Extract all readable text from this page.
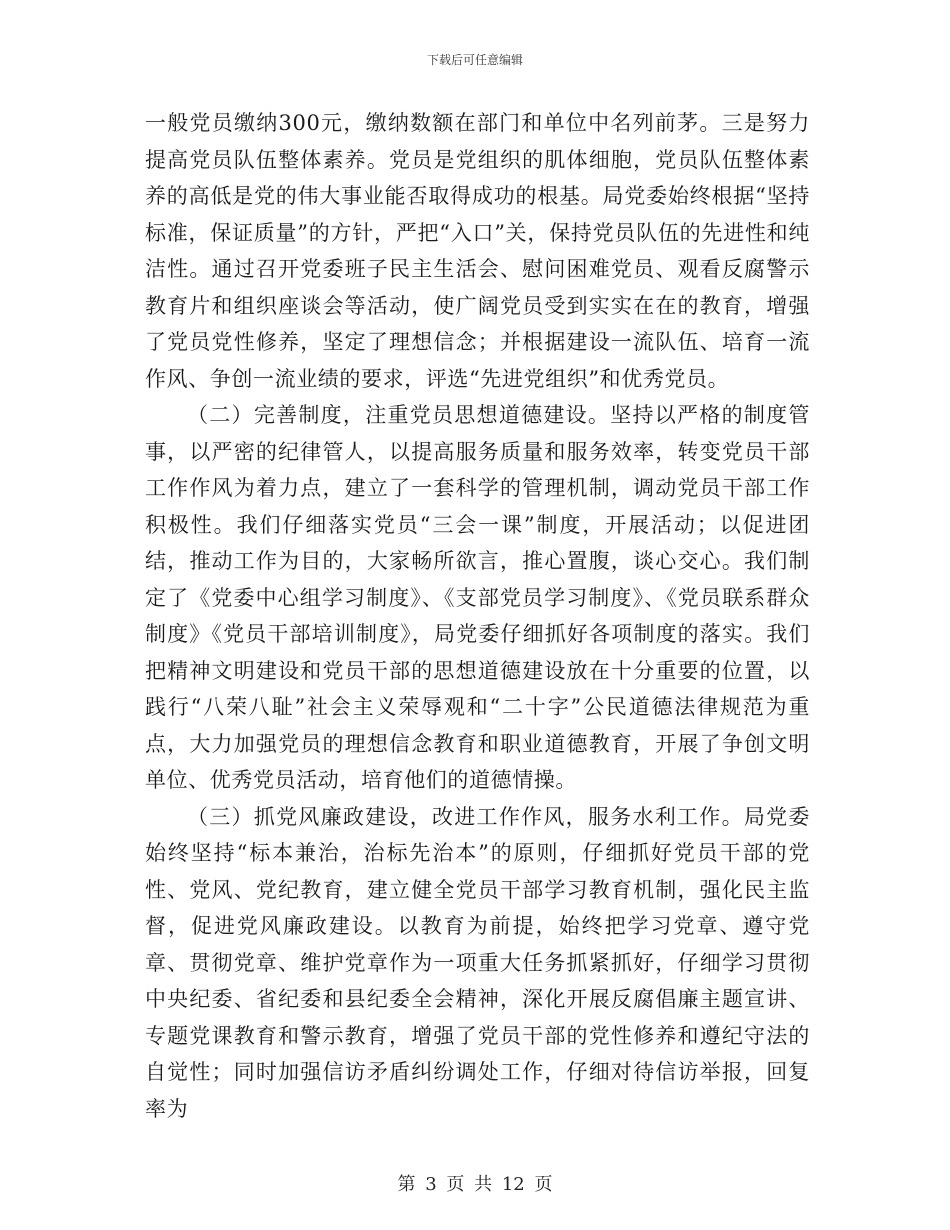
下载后可任意编辑

一般党员缴纳300元，缴纳数额在部门和单位中名列前茅。三是努力提高党员队伍整体素养。党员是党组织的肌体细胞，党员队伍整体素养的高低是党的伟大事业能否取得成功的根基。局党委始终根据“坚持标准，保证质量”的方针，严把“入口”关，保持党员队伍的先进性和纯洁性。通过召开党委班子民主生活会、慰问困难党员、观看反腐警示教育片和组织座谈会等活动，使广阔党员受到实实在在的教育，增强了党员党性修养，坚定了理想信念；并根据建设一流队伍、培育一流作风、争创一流业绩的要求，评选“先进党组织”和优秀党员。

（二）完善制度，注重党员思想道德建设。坚持以严格的制度管事，以严密的纪律管人，以提高服务质量和服务效率，转变党员干部工作作风为着力点，建立了一套科学的管理机制，调动党员干部工作积极性。我们仔细落实党员“三会一课”制度，开展活动；以促进团结，推动工作为目的，大家畅所欲言，推心置腹，谈心交心。我们制定了《党委中心组学习制度》、《支部党员学习制度》、《党员联系群众制度》《党员干部培训制度》，局党委仔细抓好各项制度的落实。我们把精神文明建设和党员干部的思想道德建设放在十分重要的位置，以践行“八荣八耻”社会主义荣辱观和“二十字”公民道德法律规范为重点，大力加强党员的理想信念教育和职业道德教育，开展了争创文明单位、优秀党员活动，培育他们的道德情操。

（三）抓党风廉政建设，改进工作作风，服务水利工作。局党委始终坚持“标本兼治，治标先治本”的原则，仔细抓好党员干部的党性、党风、党纪教育，建立健全党员干部学习教育机制，强化民主监督，促进党风廉政建设。以教育为前提，始终把学习党章、遵守党章、贯彻党章、维护党章作为一项重大任务抓紧抓好，仔细学习贯彻中央纪委、省纪委和县纪委全会精神，深化开展反腐倡廉主题宣讲、专题党课教育和警示教育，增强了党员干部的党性修养和遵纪守法的自觉性；同时加强信访矛盾纠纷调处工作，仔细对待信访举报，回复率为

第 3 页 共 12 页
